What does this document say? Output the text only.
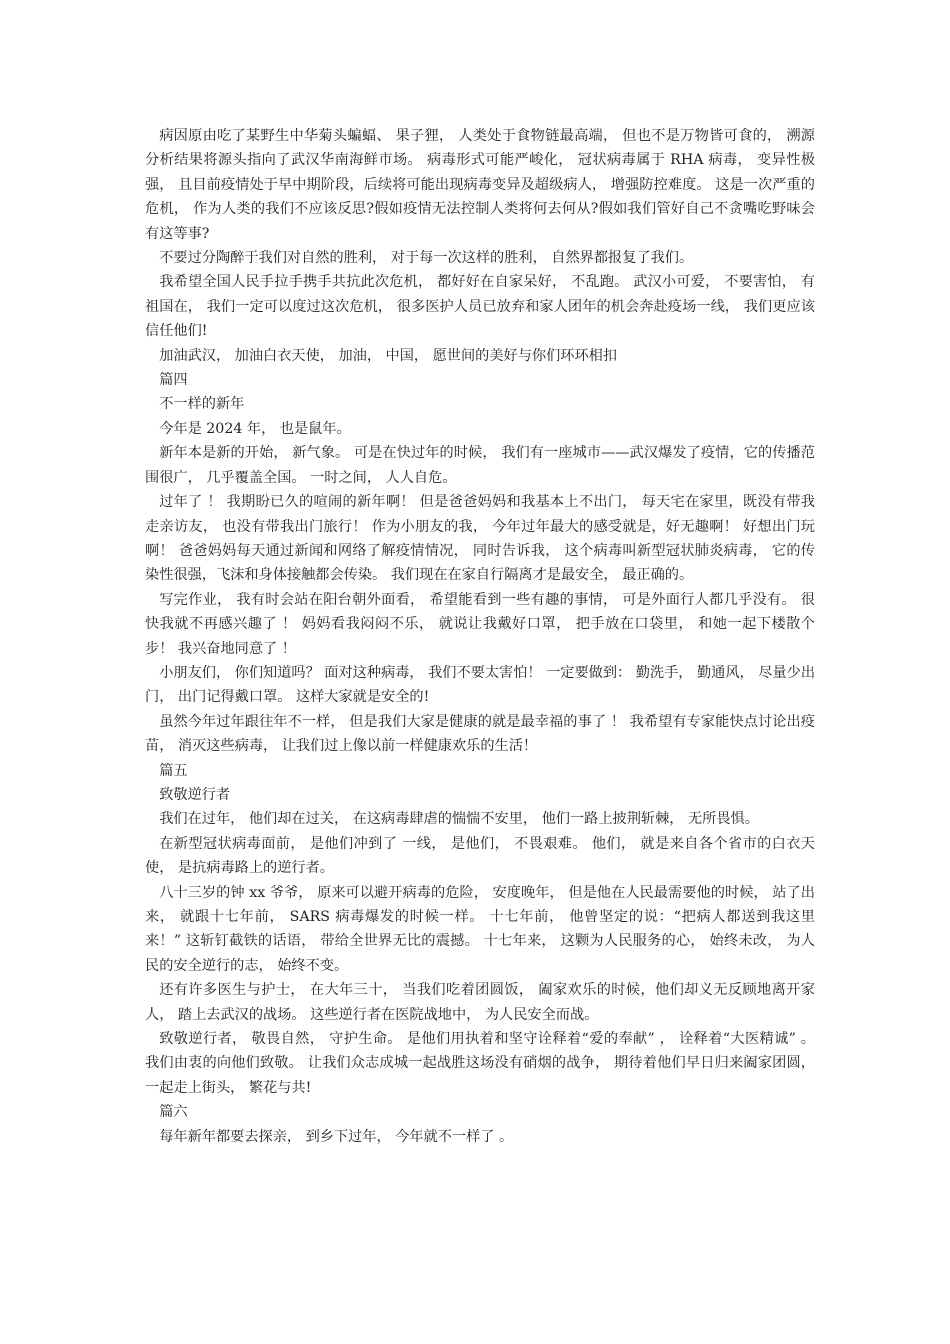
病因原由吃了某野生中华菊头蝙蝠、 果子狸， 人类处于食物链最高端， 但也不是万物皆可食的， 溯源分析结果将源头指向了武汉华南海鲜市场。 病毒形式可能严峻化， 冠状病毒属于 RHA 病毒， 变异性极强， 且目前疫情处于早中期阶段，后续将可能出现病毒变异及超级病人， 增强防控难度。 这是一次严重的危机， 作为人类的我们不应该反思?假如疫情无法控制人类将何去何从?假如我们管好自己不贪嘴吃野味会有这等事?

不要过分陶醉于我们对自然的胜利， 对于每一次这样的胜利， 自然界都报复了我们。

我希望全国人民手拉手携手共抗此次危机， 都好好在自家呆好， 不乱跑。 武汉小可爱， 不要害怕， 有祖国在， 我们一定可以度过这次危机， 很多医护人员已放弃和家人团年的机会奔赴疫场一线， 我们更应该信任他们!

加油武汉， 加油白衣天使， 加油， 中国， 愿世间的美好与你们环环相扣

篇四

不一样的新年

今年是 2024 年， 也是鼠年。

新年本是新的开始， 新气象。 可是在快过年的时候， 我们有一座城市——武汉爆发了疫情，它的传播范围很广， 几乎覆盖全国。 一时之间， 人人自危。

过年了 ！ 我期盼已久的喧闹的新年啊！ 但是爸爸妈妈和我基本上不出门， 每天宅在家里，既没有带我走亲访友， 也没有带我出门旅行！ 作为小朋友的我， 今年过年最大的感受就是，好无趣啊！ 好想出门玩啊！ 爸爸妈妈每天通过新闻和网络了解疫情情况， 同时告诉我， 这个病毒叫新型冠状肺炎病毒， 它的传染性很强，飞沫和身体接触都会传染。 我们现在在家自行隔离才是最安全， 最正确的。

写完作业， 我有时会站在阳台朝外面看， 希望能看到一些有趣的事情， 可是外面行人都几乎没有。 很快我就不再感兴趣了 ！ 妈妈看我闷闷不乐， 就说让我戴好口罩， 把手放在口袋里， 和她一起下楼散个步！ 我兴奋地同意了 ！

小朋友们， 你们知道吗？ 面对这种病毒， 我们不要太害怕！ 一定要做到： 勤洗手， 勤通风， 尽量少出门， 出门记得戴口罩。 这样大家就是安全的!

虽然今年过年跟往年不一样， 但是我们大家是健康的就是最幸福的事了 ！ 我希望有专家能快点讨论出疫苗， 消灭这些病毒， 让我们过上像以前一样健康欢乐的生活！

篇五

致敬逆行者

我们在过年， 他们却在过关， 在这病毒肆虐的惴惴不安里， 他们一路上披荆斩棘， 无所畏惧。

在新型冠状病毒面前， 是他们冲到了 一线， 是他们， 不畏艰难。 他们， 就是来自各个省市的白衣天使， 是抗病毒路上的逆行者。

八十三岁的钟 xx 爷爷， 原来可以避开病毒的危险， 安度晚年， 但是他在人民最需要他的时候， 站了出来， 就跟十七年前， SARS 病毒爆发的时候一样。 十七年前， 他曾坚定的说：“把病人都送到我这里来！” 这斩钉截铁的话语， 带给全世界无比的震撼。 十七年来， 这颗为人民服务的心， 始终未改， 为人民的安全逆行的志， 始终不变。

还有许多医生与护士， 在大年三十， 当我们吃着团圆饭， 阖家欢乐的时候，他们却义无反顾地离开家人， 踏上去武汉的战场。 这些逆行者在医院战地中， 为人民安全而战。

致敬逆行者， 敬畏自然， 守护生命。 是他们用执着和坚守诠释着“爱的奉献” ， 诠释着“大医精诚” 。 我们由衷的向他们致敬。 让我们众志成城一起战胜这场没有硝烟的战争， 期待着他们早日归来阖家团圆， 一起走上街头， 繁花与共!

篇六

每年新年都要去探亲， 到乡下过年， 今年就不一样了 。
